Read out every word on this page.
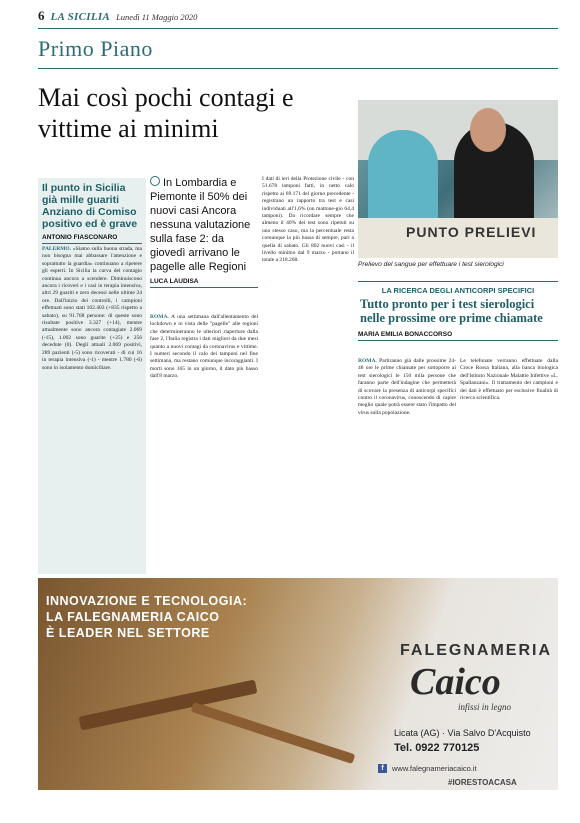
6 LA SICILIA Lunedì 11 Maggio 2020
Primo Piano
Mai così pochi contagi e vittime ai minimi
PUNTO PRELIEVI
Prelievo del sangue per effettuare i test sierologici
Il punto in Sicilia già mille guariti Anziano di Comiso positivo ed è grave
ANTONIO FIASCONARO
PALERMO. «Siamo sulla buona strada, ma non bisogna mai abbassare l'attenzione e soprattutto la guardia» continuano a ripetere gli esperti. In Sicilia la curva del contagio continua ancora a scendere. Diminuiscono ancora i ricoveri e i casi in terapia intensiva, altri 29 guariti e zero decessi nelle ultime 24 ore. Dall'inizio dei controlli, i campioni effettuati sono stati 102.403 (+835 rispetto a sabato), su 91.768 persone: di queste sono risultate positive 3.327 (+14), mentre attualmente sono ancora contagiate 2.069 (-15), 1.002 sono guarite (+25) e 256 decedute (0). Degli attuali 2.069 positivi, 289 pazienti (-5) sono ricoverati - di cui 16 in terapia intensiva (-1) - mentre 1.780 (-6) sono in isolamento domiciliare.
In Lombardia e Piemonte il 50% dei nuovi casi Ancora nessuna valutazione sulla fase 2: da giovedì arrivano le pagelle alle Regioni
LUCA LAUDISA
ROMA. A una settimana dall'allentamento del lockdown e in vista delle "pagelle" alle regioni che determineranno le ulteriori riaperture dalla fase 2, l'Italia registra i dati migliori da due mesi quanto a nuovi contagi da coronavirus e vittime. I numeri secondo il calo dei tamponi nel fine settimana, ma restano comunque incoraggianti. I morti sono 165 in un giorno, il dato più basso dall'8 marzo.
I dati di ieri della Protezione civile - con 51.678 tamponi fatti, in netto calo rispetto ai 69.171 del giorno precedente - registrano un rapporto tra test e casi individuati all'1,6% (un mattone-gio 64,4 tamponi). Da ricordare sempre che almeno il 40% dei test sono ripetuti su uno stesso caso, ma la percentuale resta comunque la più bassa di sempre, pari a quella di sabato. Gli 802 nuovi casi - il livello minimo dal 9 marzo - portano il totale a 218.268.
LA RICERCA DEGLI ANTICORPI SPECIFICI
Tutto pronto per i test sierologici nelle prossime ore prime chiamate
MARIA EMILIA BONACCORSO
ROMA. Partiranno già dalle prossime 24-48 ore le prime chiamate per sottoporre ai test sierologici le 150 mila persone che faranno parte dell'indagine che permetterà di scovare la presenza di anticorpi specifici contro il coronavirus, conoscendo di capire meglio quale potrà essere stato l'impatto del virus sulla popolazione.
Le telefonate verranno effettuate dalla Croce Rossa Italiana, alla banca biologica dell'Istituto Nazionale Malattie Infettive «L. Spallanzani». Il trattamento dei campioni e dei dati è effettuato per esclusive finalità di ricerca scientifica.
INNOVAZIONE E TECNOLOGIA:
LA FALEGNAMERIA CAICO
È LEADER NEL SETTORE
FALEGNAMERIA
Caico
infissi in legno
Licata (AG) · Via Salvo D'Acquisto
Tel. 0922 770125
f	www.falegnameriacaico.it
#IORESTOACASA
